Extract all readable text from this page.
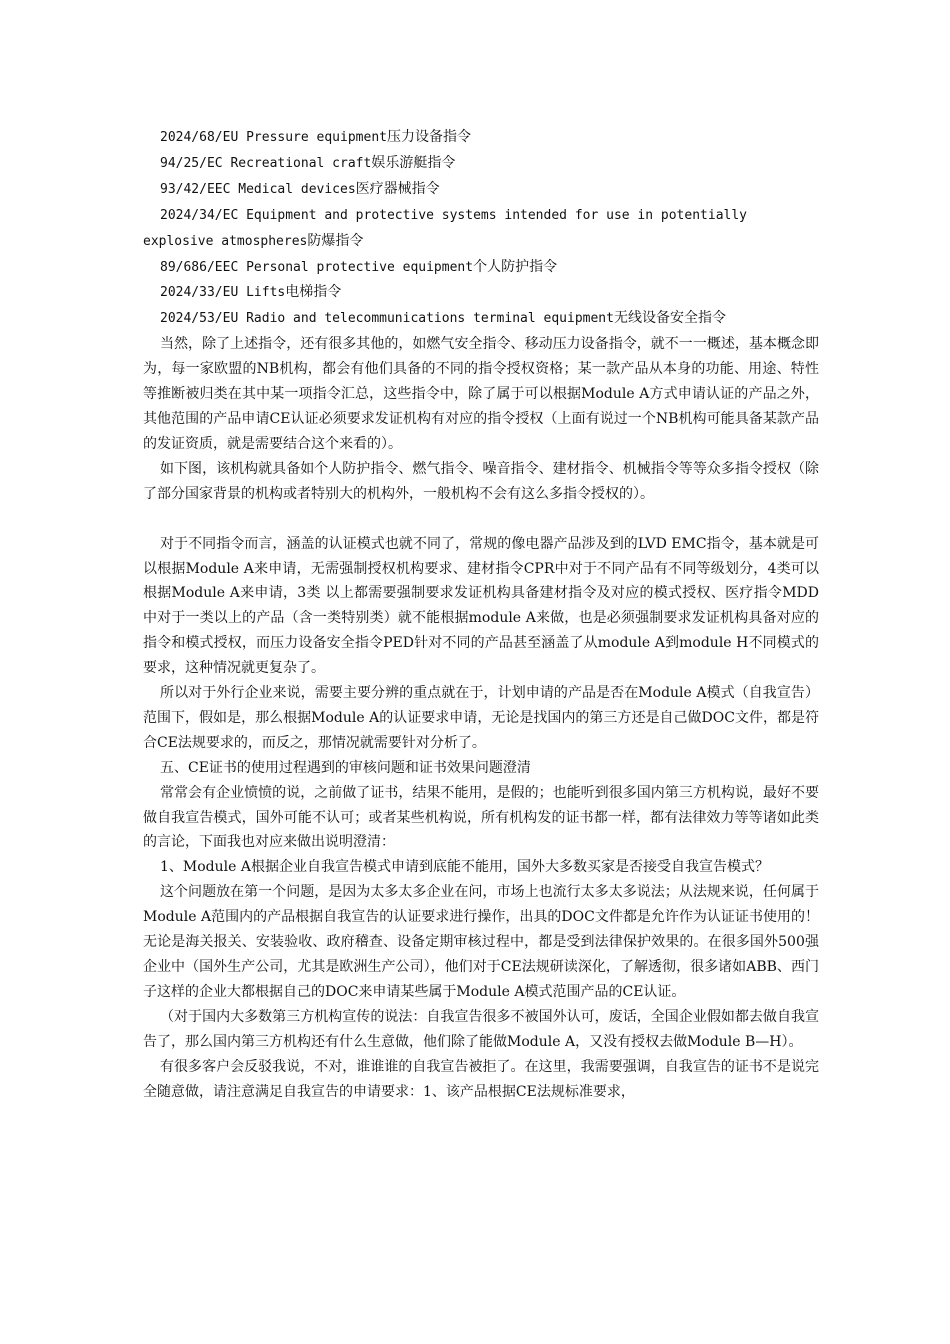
2024/68/EU Pressure equipment压力设备指令

94/25/EC Recreational craft娱乐游艇指令

93/42/EEC Medical devices医疗器械指令

2024/34/EC Equipment and protective systems intended for use in potentially explosive atmospheres防爆指令

89/686/EEC Personal protective equipment个人防护指令

2024/33/EU Lifts电梯指令

2024/53/EU Radio and telecommunications terminal equipment无线设备安全指令

当然，除了上述指令，还有很多其他的，如燃气安全指令、移动压力设备指令，就不一一概述，基本概念即为，每一家欧盟的NB机构，都会有他们具备的不同的指令授权资格；某一款产品从本身的功能、用途、特性等推断被归类在其中某一项指令汇总，这些指令中，除了属于可以根据Module A方式申请认证的产品之外，其他范围的产品申请CE认证必须要求发证机构有对应的指令授权（上面有说过一个NB机构可能具备某款产品的发证资质，就是需要结合这个来看的）。

如下图，该机构就具备如个人防护指令、燃气指令、噪音指令、建材指令、机械指令等等众多指令授权（除了部分国家背景的机构或者特别大的机构外，一般机构不会有这么多指令授权的）。

对于不同指令而言，涵盖的认证模式也就不同了，常规的像电器产品涉及到的LVD EMC指令，基本就是可以根据Module A来申请，无需强制授权机构要求、建材指令CPR中对于不同产品有不同等级划分，4类可以根据Module A来申请，3类 以上都需要强制要求发证机构具备建材指令及对应的模式授权、医疗指令MDD中对于一类以上的产品（含一类特别类）就不能根据module A来做，也是必须强制要求发证机构具备对应的指令和模式授权，而压力设备安全指令PED针对不同的产品甚至涵盖了从module A到module H不同模式的要求，这种情况就更复杂了。

所以对于外行企业来说，需要主要分辨的重点就在于，计划申请的产品是否在Module A模式（自我宣告）范围下，假如是，那么根据Module A的认证要求申请，无论是找国内的第三方还是自己做DOC文件，都是符合CE法规要求的，而反之，那情况就需要针对分析了。

五、CE证书的使用过程遇到的审核问题和证书效果问题澄清

常常会有企业愤愤的说，之前做了证书，结果不能用，是假的；也能听到很多国内第三方机构说，最好不要做自我宣告模式，国外可能不认可；或者某些机构说，所有机构发的证书都一样，都有法律效力等等诸如此类的言论，下面我也对应来做出说明澄清：

1、Module A根据企业自我宣告模式申请到底能不能用，国外大多数买家是否接受自我宣告模式？

这个问题放在第一个问题，是因为太多太多企业在问，市场上也流行太多太多说法；从法规来说，任何属于Module A范围内的产品根据自我宣告的认证要求进行操作，出具的DOC文件都是允许作为认证证书使用的！无论是海关报关、安装验收、政府稽查、设备定期审核过程中，都是受到法律保护效果的。在很多国外500强企业中（国外生产公司，尤其是欧洲生产公司），他们对于CE法规研读深化，了解透彻，很多诸如ABB、西门子这样的企业大都根据自己的DOC来申请某些属于Module A模式范围产品的CE认证。

（对于国内大多数第三方机构宣传的说法：自我宣告很多不被国外认可，废话，全国企业假如都去做自我宣告了，那么国内第三方机构还有什么生意做，他们除了能做Module A，又没有授权去做Module B—H）。

有很多客户会反驳我说，不对，谁谁谁的自我宣告被拒了。在这里，我需要强调，自我宣告的证书不是说完全随意做，请注意满足自我宣告的申请要求：1、该产品根据CE法规标准要求，
